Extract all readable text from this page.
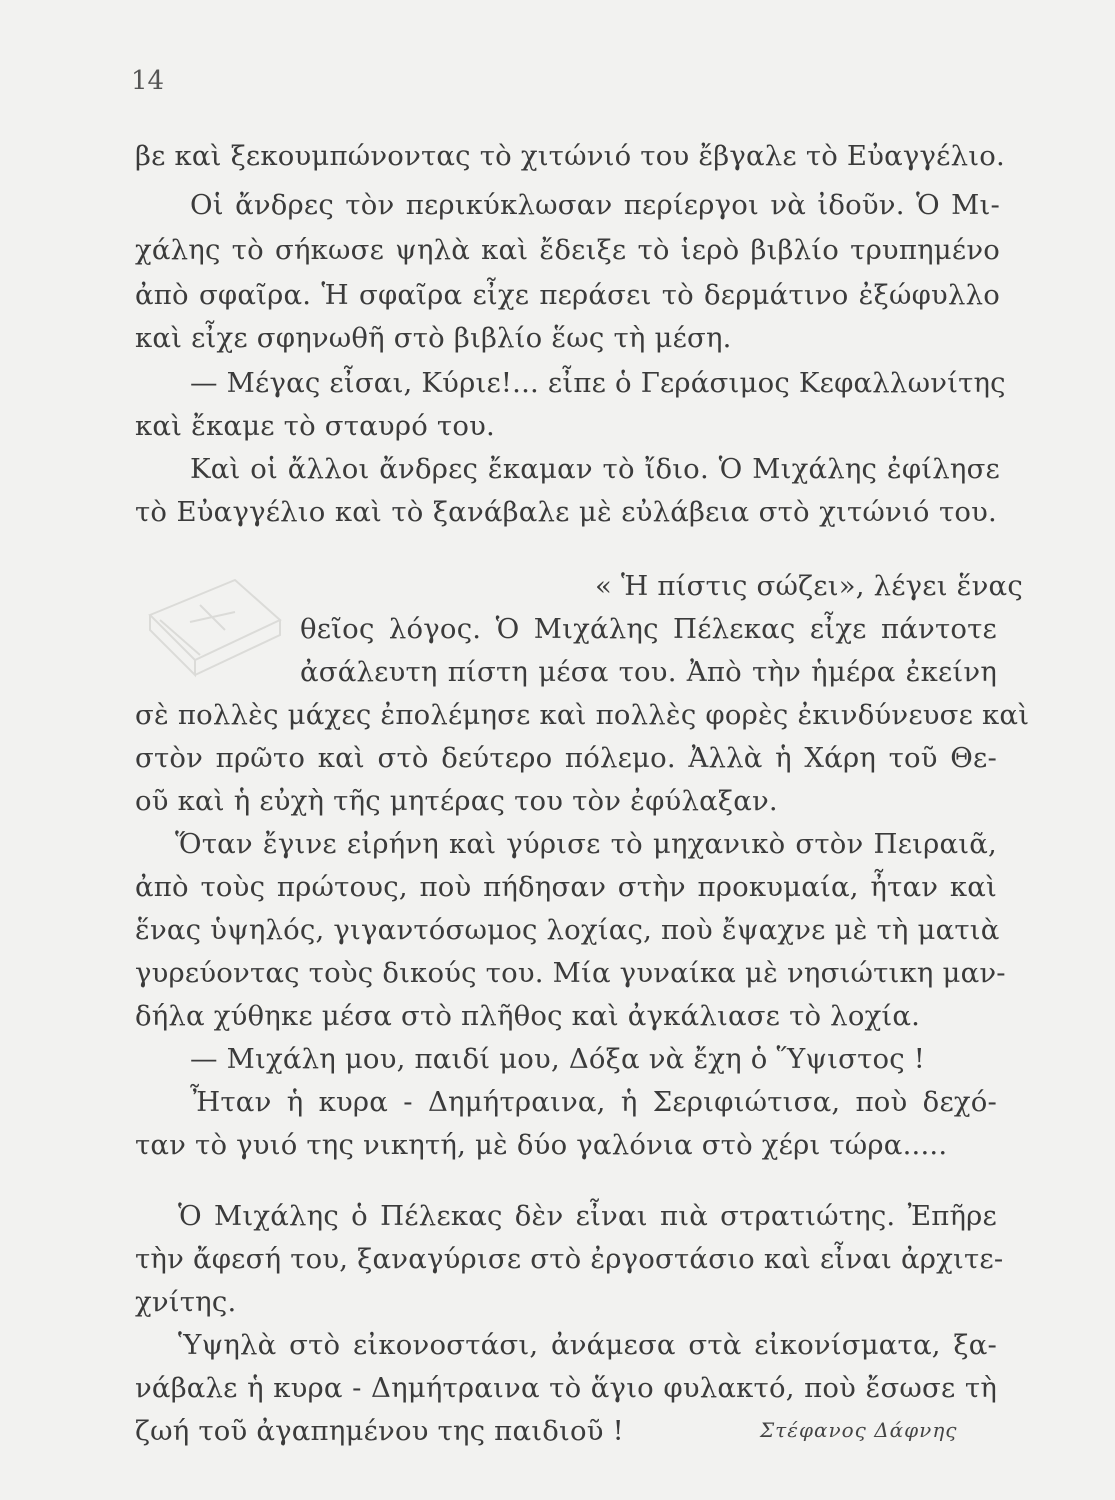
14
βε καὶ ξεκουμπώνοντας τὸ χιτώνιό του ἔβγαλε τὸ Εὐαγγέλιο.
Οἱ ἄνδρες τὸν περικύκλωσαν περίεργοι νὰ ἰδοῦν. Ὁ Μι-
χάλης τὸ σήκωσε ψηλὰ καὶ ἔδειξε τὸ ἱερὸ βιβλίο τρυπημένο
ἀπὸ σφαῖρα. Ἡ σφαῖρα εἶχε περάσει τὸ δερμάτινο ἐξώφυλλο
καὶ εἶχε σφηνωθῆ στὸ βιβλίο ἕως τὴ μέση.
— Μέγας εἶσαι, Κύριε!... εἶπε ὁ Γεράσιμος Κεφαλλωνίτης
καὶ ἔκαμε τὸ σταυρό του.
Καὶ οἱ ἄλλοι ἄνδρες ἔκαμαν τὸ ἴδιο. Ὁ Μιχάλης ἐφίλησε
τὸ Εὐαγγέλιο καὶ τὸ ξανάβαλε μὲ εὐλάβεια στὸ χιτώνιό του.
« Ἡ πίστις σώζει», λέγει ἕνας
θεῖος λόγος. Ὁ Μιχάλης Πέλεκας εἶχε πάντοτε
ἀσάλευτη πίστη μέσα του. Ἀπὸ τὴν ἡμέρα ἐκείνη
σὲ πολλὲς μάχες ἐπολέμησε καὶ πολλὲς φορὲς ἐκινδύνευσε καὶ
στὸν πρῶτο καὶ στὸ δεύτερο πόλεμο. Ἀλλὰ ἡ Χάρη τοῦ Θε-
οῦ καὶ ἡ εὐχὴ τῆς μητέρας του τὸν ἐφύλαξαν.
Ὅταν ἔγινε εἰρήνη καὶ γύρισε τὸ μηχανικὸ στὸν Πειραιᾶ,
ἀπὸ τοὺς πρώτους, ποὺ πήδησαν στὴν προκυμαία, ἦταν καὶ
ἕνας ὑψηλός, γιγαντόσωμος λοχίας, ποὺ ἔψαχνε μὲ τὴ ματιὰ
γυρεύοντας τοὺς δικούς του. Μία γυναίκα μὲ νησιώτικη μαν-
δήλα χύθηκε μέσα στὸ πλῆθος καὶ ἀγκάλιασε τὸ λοχία.
— Μιχάλη μου, παιδί μου, Δόξα νὰ ἔχη ὁ Ὕψιστος !
Ἦταν ἡ κυρα - Δημήτραινα, ἡ Σεριφιώτισα, ποὺ δεχό-
ταν τὸ γυιό της νικητή, μὲ δύο γαλόνια στὸ χέρι τώρα.....
Ὁ Μιχάλης ὁ Πέλεκας δὲν εἶναι πιὰ στρατιώτης. Ἐπῆρε
τὴν ἄφεσή του, ξαναγύρισε στὸ ἐργοστάσιο καὶ εἶναι ἀρχιτε-
χνίτης.
Ὑψηλὰ στὸ εἰκονοστάσι, ἀνάμεσα στὰ εἰκονίσματα, ξα-
νάβαλε ἡ κυρα - Δημήτραινα τὸ ἅγιο φυλακτό, ποὺ ἔσωσε τὴ
ζωή τοῦ ἀγαπημένου της παιδιοῦ !	Στέφανος Δάφνης
